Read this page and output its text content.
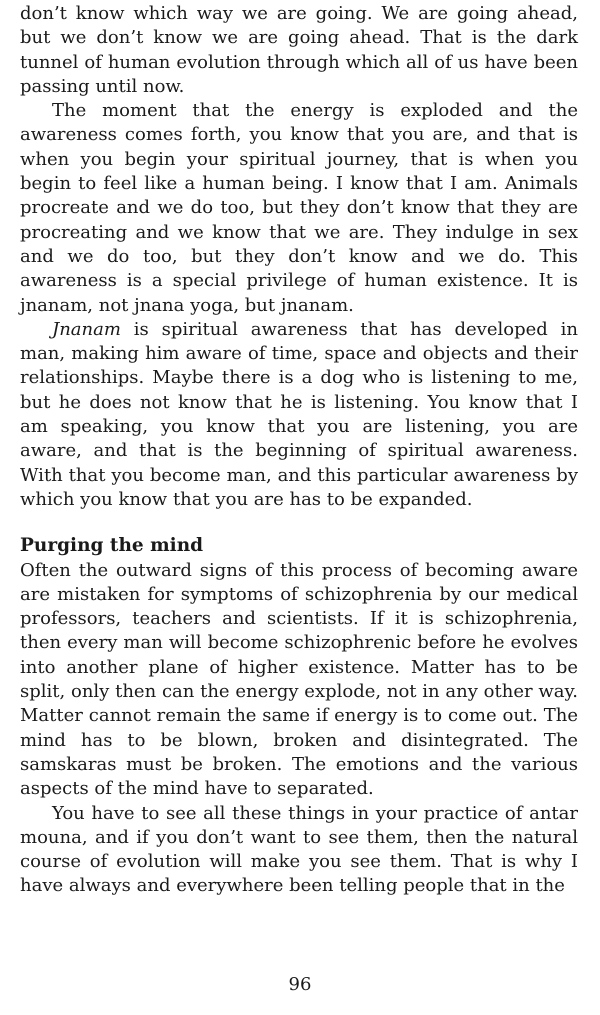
don’t know which way we are going. We are going ahead, but we don’t know we are going ahead. That is the dark tunnel of human evolution through which all of us have been passing until now.

The moment that the energy is exploded and the awareness comes forth, you know that you are, and that is when you begin your spiritual journey, that is when you begin to feel like a human being. I know that I am. Animals procreate and we do too, but they don’t know that they are procreating and we know that we are. They indulge in sex and we do too, but they don’t know and we do. This awareness is a special privilege of human existence. It is jnanam, not jnana yoga, but jnanam.

Jnanam is spiritual awareness that has developed in man, making him aware of time, space and objects and their relationships. Maybe there is a dog who is listening to me, but he does not know that he is listening. You know that I am speaking, you know that you are listening, you are aware, and that is the beginning of spiritual awareness. With that you become man, and this particular awareness by which you know that you are has to be expanded.

Purging the mind

Often the outward signs of this process of becoming aware are mistaken for symptoms of schizophrenia by our medical professors, teachers and scientists. If it is schizophrenia, then every man will become schizophrenic before he evolves into another plane of higher existence. Matter has to be split, only then can the energy explode, not in any other way. Matter cannot remain the same if energy is to come out. The mind has to be blown, broken and disintegrated. The samskaras must be broken. The emotions and the various aspects of the mind have to separated.

You have to see all these things in your practice of antar mouna, and if you don’t want to see them, then the natural course of evolution will make you see them. That is why I have always and everywhere been telling people that in the

96
